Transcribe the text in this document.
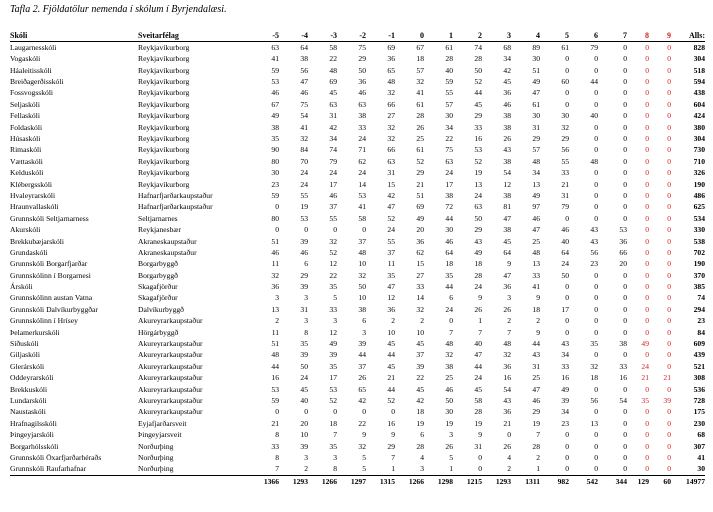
Tafla 2. Fjöldatölur nemenda í skólum í Byrjendalæsi.
Skóli	Sveitarfélag	-5	-4	-3	-2	-1	0	1	2	3	4	5	6	7	8	9	Alls:
Laugarnesskóli	Reykjavíkurborg	63	64	58	75	69	67	61	74	68	89	61	79	0	0	0	828
Vogaskóli	Reykjavíkurborg	41	38	22	29	36	18	28	28	34	30	0	0	0	0	0	304
Háaleitisskóli	Reykjavíkurborg	59	56	48	50	65	57	40	50	42	51	0	0	0	0	0	518
Breiðagerðisskóli	Reykjavíkurborg	53	47	69	36	48	32	59	52	45	49	60	44	0	0	0	594
Fossvogsskóli	Reykjavíkurborg	46	46	45	46	32	41	55	44	36	47	0	0	0	0	0	438
Seljaskóli	Reykjavíkurborg	67	75	63	63	66	61	57	45	46	61	0	0	0	0	0	604
Fellaskóli	Reykjavíkurborg	49	54	31	38	27	28	30	29	38	30	30	40	0	0	0	424
Foldaskóli	Reykjavíkurborg	38	41	42	33	32	26	34	33	38	31	32	0	0	0	0	380
Húsaskóli	Reykjavíkurborg	35	32	34	24	32	25	22	16	26	29	29	0	0	0	0	304
Rimaskóli	Reykjavíkurborg	90	84	74	71	66	61	75	53	43	57	56	0	0	0	0	730
Vættaskóli	Reykjavíkurborg	80	70	79	62	63	52	63	52	38	48	55	48	0	0	0	710
Kelduskóli	Reykjavíkurborg	30	24	24	24	31	29	24	19	54	34	33	0	0	0	0	326
Klébergsskóli	Reykjavíkurborg	23	24	17	14	15	21	17	13	12	13	21	0	0	0	0	190
Hvaleyrarskóli	Hafnarfjarðarkaupstaður	59	55	46	53	42	51	38	24	38	49	31	0	0	0	0	486
Hraunvallaskóli	Hafnarfjarðarkaupstaður	0	19	37	41	47	69	72	63	81	97	79	0	0	0	0	625
Grunnskóli Seltjarnarness	Seltjarnarnes	80	53	55	58	52	49	44	50	47	46	0	0	0	0	0	534
Akurskóli	Reykjanesbær	0	0	0	0	24	20	30	29	38	47	46	43	53	0	0	330
Brekkubæjarskóli	Akraneskaupstaður	51	39	32	37	55	36	46	43	45	25	40	43	36	0	0	538
Grundaskóli	Akraneskaupstaður	46	46	52	48	37	62	64	49	64	48	64	56	66	0	0	702
Grunnskóli Borgarfjarðar	Borgarbyggð	11	6	12	10	11	15	18	18	9	13	24	23	20	0	0	190
Grunnskólinn í Borgarnesi	Borgarbyggð	32	29	22	32	35	27	35	28	47	33	50	0	0	0	0	370
Árskóli	Skagafjörður	36	39	35	50	47	33	44	24	36	41	0	0	0	0	0	385
Grunnskólinn austan Vatna	Skagafjörður	3	3	5	10	12	14	6	9	3	9	0	0	0	0	0	74
Grunnskóli Dalvíkurbyggðar	Dalvíkurbyggð	13	31	33	38	36	32	24	26	26	18	17	0	0	0	0	294
Grunnskólinn í Hrísey	Akureyrarkaupstaður	2	3	3	6	2	2	0	1	2	2	0	0	0	0	0	23
Þelamerkurskóli	Hörgárbyggð	11	8	12	3	10	10	7	7	7	9	0	0	0	0	0	84
Síðuskóli	Akureyrarkaupstaður	51	35	49	39	45	45	48	40	48	44	43	35	38	49	0	609
Giljaskóli	Akureyrarkaupstaður	48	39	39	44	44	37	32	47	32	43	34	0	0	0	0	439
Glerárskóli	Akureyrarkaupstaður	44	50	35	37	45	39	38	44	36	31	33	32	33	24	0	521
Oddeyrarskóli	Akureyrarkaupstaður	16	24	17	26	21	22	25	24	16	25	16	18	16	21	21	308
Brekkuskóli	Akureyrarkaupstaður	53	45	53	65	44	45	46	45	54	47	49	0	0	0	0	536
Lundarskóli	Akureyrarkaupstaður	59	40	52	42	52	42	50	58	43	46	39	56	54	35	39	728
Naustaskóli	Akureyrarkaupstaður	0	0	0	0	0	18	30	28	36	29	34	0	0	0	0	175
Hrafnagilsskóli	Eyjafjarðarsveit	21	20	18	22	16	19	19	19	21	19	23	13	0	0	0	230
Þingeyjarskóli	Þingeyjarsveit	8	10	7	9	9	6	3	9	0	7	0	0	0	0	0	68
Borgarhólsskóli	Norðurþing	33	39	35	32	29	28	26	31	26	28	0	0	0	0	0	307
Grunnskóli Öxarfjarðarhéraðs	Norðurþing	8	3	3	5	7	4	5	0	4	2	0	0	0	0	0	41
Grunnskóli Raufarhafnar	Norðurþing	7	2	8	5	1	3	1	0	2	1	0	0	0	0	0	30
		1366	1293	1266	1297	1315	1266	1298	1215	1293	1311	982	542	344	129	60	14977
